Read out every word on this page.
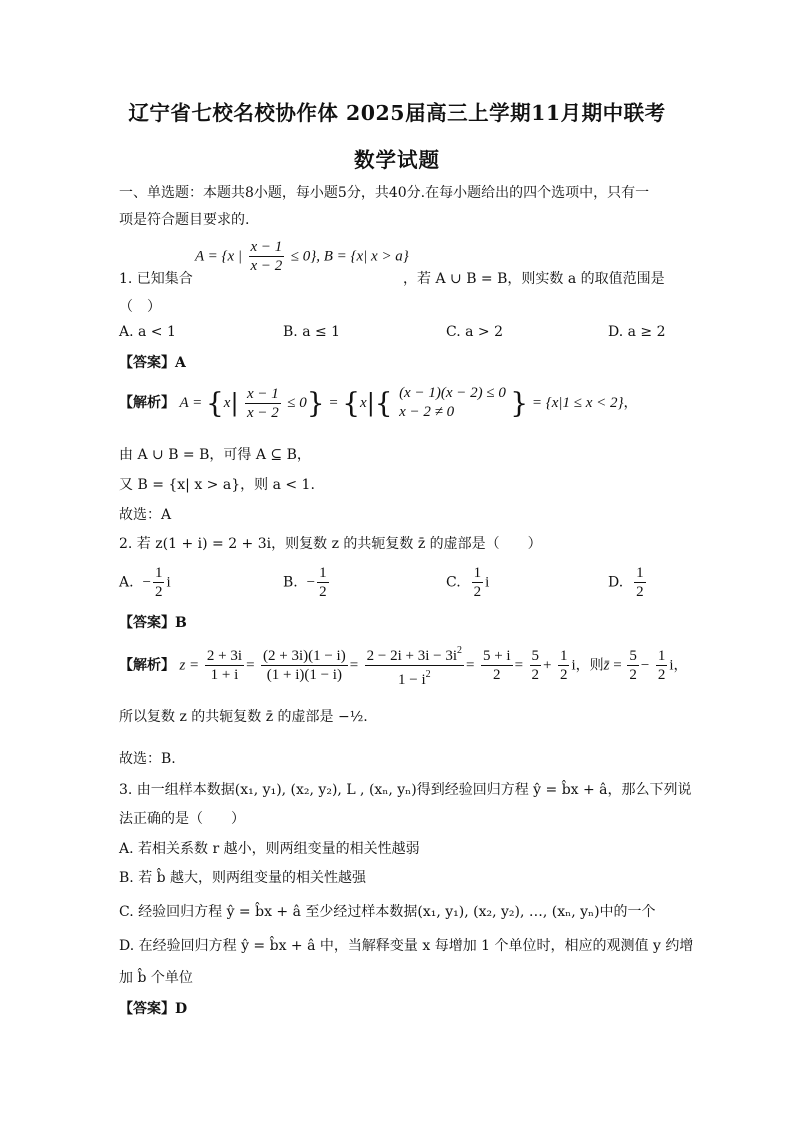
辽宁省七校名校协作体 2025届高三上学期11月期中联考
数学试题
一、单选题：本题共8小题，每小题5分，共40分.在每小题给出的四个选项中，只有一
项是符合题目要求的.
A = {x | $\frac{x - 1}{x - 2} \le 0$}, B = {x| x > a}
1. 已知集合	，若 A ∪ B = B，则实数 a 的取值范围是
（　）
A. a < 1	B. a ≤ 1	C. a > 2	D. a ≥ 2
【答案】A
【解析】 $A = \{x| \frac{x - 1}{x - 2} \le 0\} = \{x|${ (x − 1)(x − 2) ≤ 0
x − 2 ≠ 0	} = {x|1 ≤ x < 2}，
由 A ∪ B = B，可得 A ⊆ B，
又 B = {x| x > a}，则 a < 1.
故选：A
2. 若 z(1 + i) = 2 + 3i，则复数 z 的共轭复数 z̄ 的虚部是（　　）
A.  − $\frac{1}{2}$ i	B.  − $\frac{1}{2}$	C. $\frac{1}{2}$ i	D. $\frac{1}{2}$
【答案】B
【解析】 $z = \frac{2 + 3i}{1 + i} = \frac{(2 + 3i)(1 - i)}{(1 + i)(1 - i)} = \frac{2 - 2i + 3i - 3i^2}{1 - i^2} = \frac{5 + i}{2} = \frac{5}{2} + \frac{1}{2}$ i，则z̄ = $\frac{5}{2} - \frac{1}{2}$ i，
所以复数 z 的共轭复数 z̄ 的虚部是 −½.
故选：B.
3. 由一组样本数据(x₁, y₁), (x₂, y₂), L , (xₙ, yₙ)得到经验回归方程 ŷ = b̂x + â，那么下列说
法正确的是（　　）
A. 若相关系数 r 越小，则两组变量的相关性越弱
B. 若 b̂ 越大，则两组变量的相关性越强
C. 经验回归方程 ŷ = b̂x + â 至少经过样本数据(x₁, y₁), (x₂, y₂), …, (xₙ, yₙ)中的一个
D. 在经验回归方程 ŷ = b̂x + â 中，当解释变量 x 每增加 1 个单位时，相应的观测值 y 约增
加 b̂ 个单位
【答案】D
